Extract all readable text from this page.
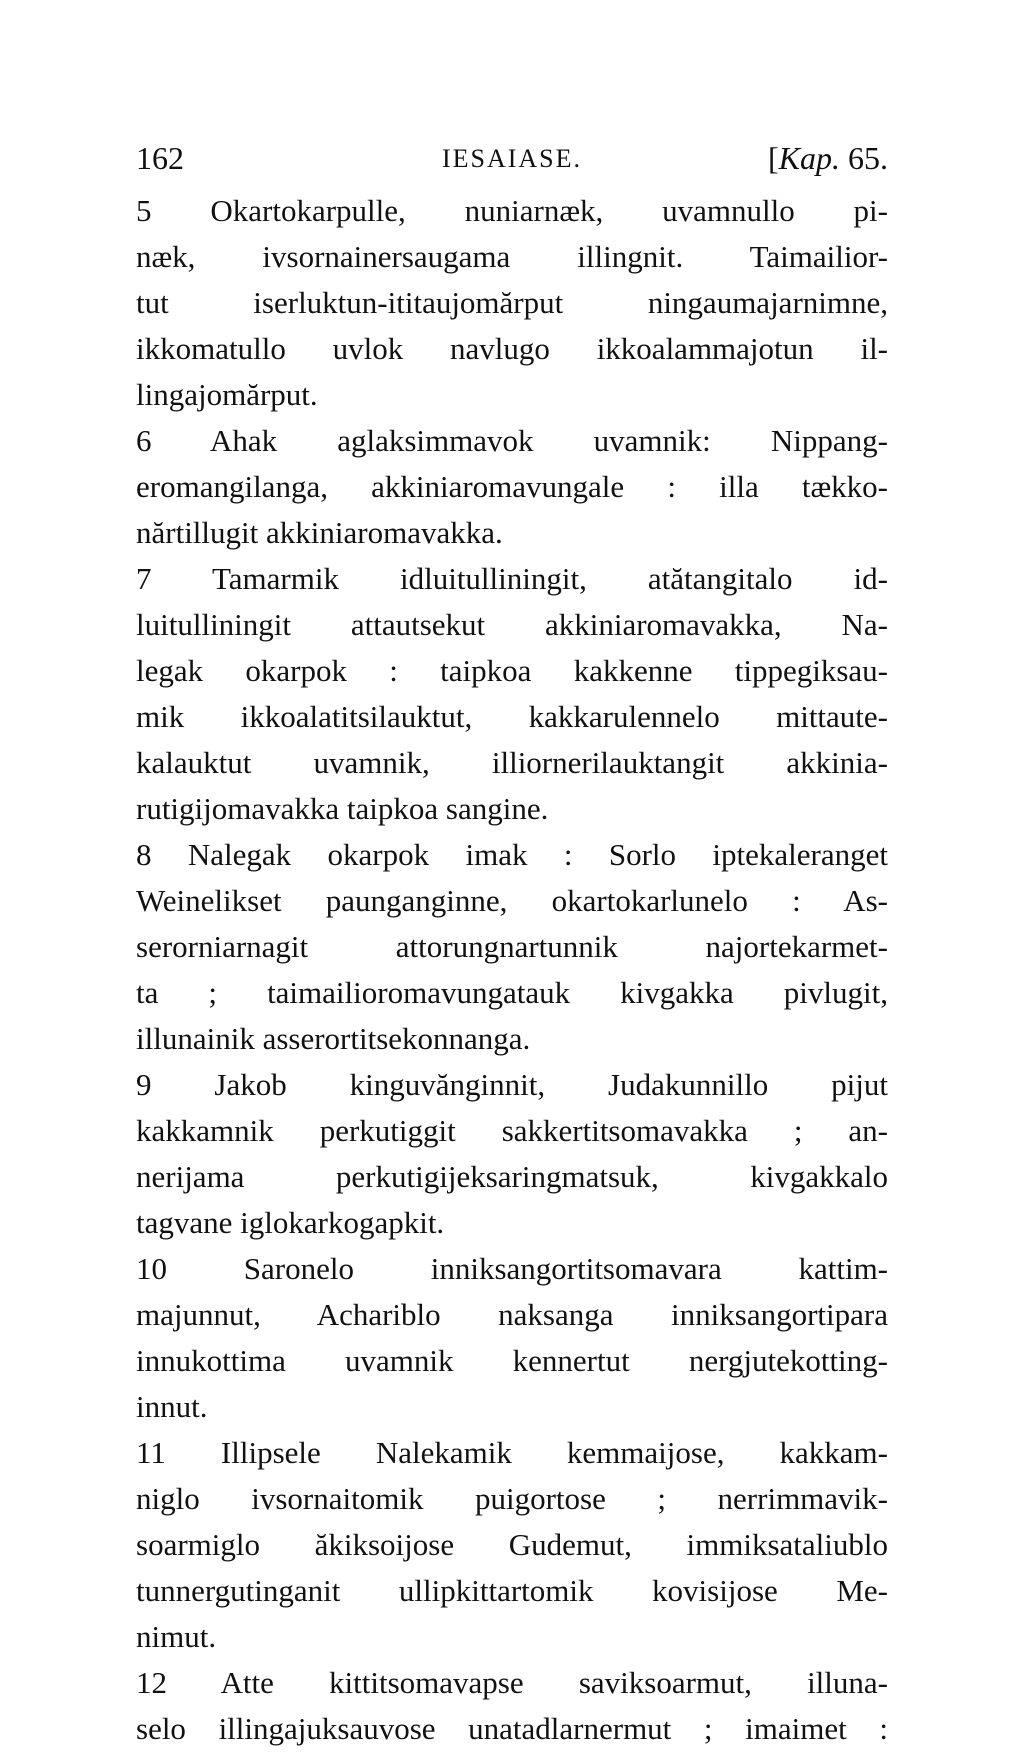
162	IESAIASE.	[Kap. 65.
5 Okartokarpulle, nuniarnæk, uvamnullo pi-
næk, ivsornainersaugama illingnit. Taimailior-
tut iserluktun-ititaujomărput ningaumajarnimne,
ikkomatullo uvlok navlugo ikkoalammajotun il-
lingajomărput.
6 Ahak aglaksimmavok uvamnik: Nippang-
eromangilanga, akkiniaromavungale : illa tækko-
nărtillugit akkiniaromavakka.
7 Tamarmik idluitulliningit, atătangitalo id-
luitulliningit attautsekut akkiniaromavakka, Na-
legak okarpok : taipkoa kakkenne tippegiksau-
mik ikkoalatitsilauktut, kakkarulennelo mittaute-
kalauktut uvamnik, illiornerilauktangit akkinia-
rutigijomavakka taipkoa sangine.
8 Nalegak okarpok imak : Sorlo iptekaleranget
Weinelikset paunganginne, okartokarlunelo : As-
serorniarnagit attorungnartunnik najortekarmet-
ta ; taimailioromavungatauk kivgakka pivlugit,
illunainik asserortitsekonnanga.
9 Jakob kinguvănginnit, Judakunnillo pijut
kakkamnik perkutiggit sakkertitsomavakka ; an-
nerijama perkutigijeksaringmatsuk, kivgakkalo
tagvane iglokarkogapkit.
10 Saronelo inniksangortitsomavara kattim-
majunnut, Achariblo naksanga inniksangortipara
innukottima uvamnik kennertut nergjutekotting-
innut.
11 Illipsele Nalekamik kemmaijose, kakkam-
niglo ivsornaitomik puigortose ; nerrimmavik-
soarmiglo ăkiksoijose Gudemut, immiksataliublo
tunnergutinganit ullipkittartomik kovisijose Me-
nimut.
12 Atte kittitsomavapse saviksoarmut, illuna-
selo illingajuksauvose unatadlarnermut ; imaimet :
